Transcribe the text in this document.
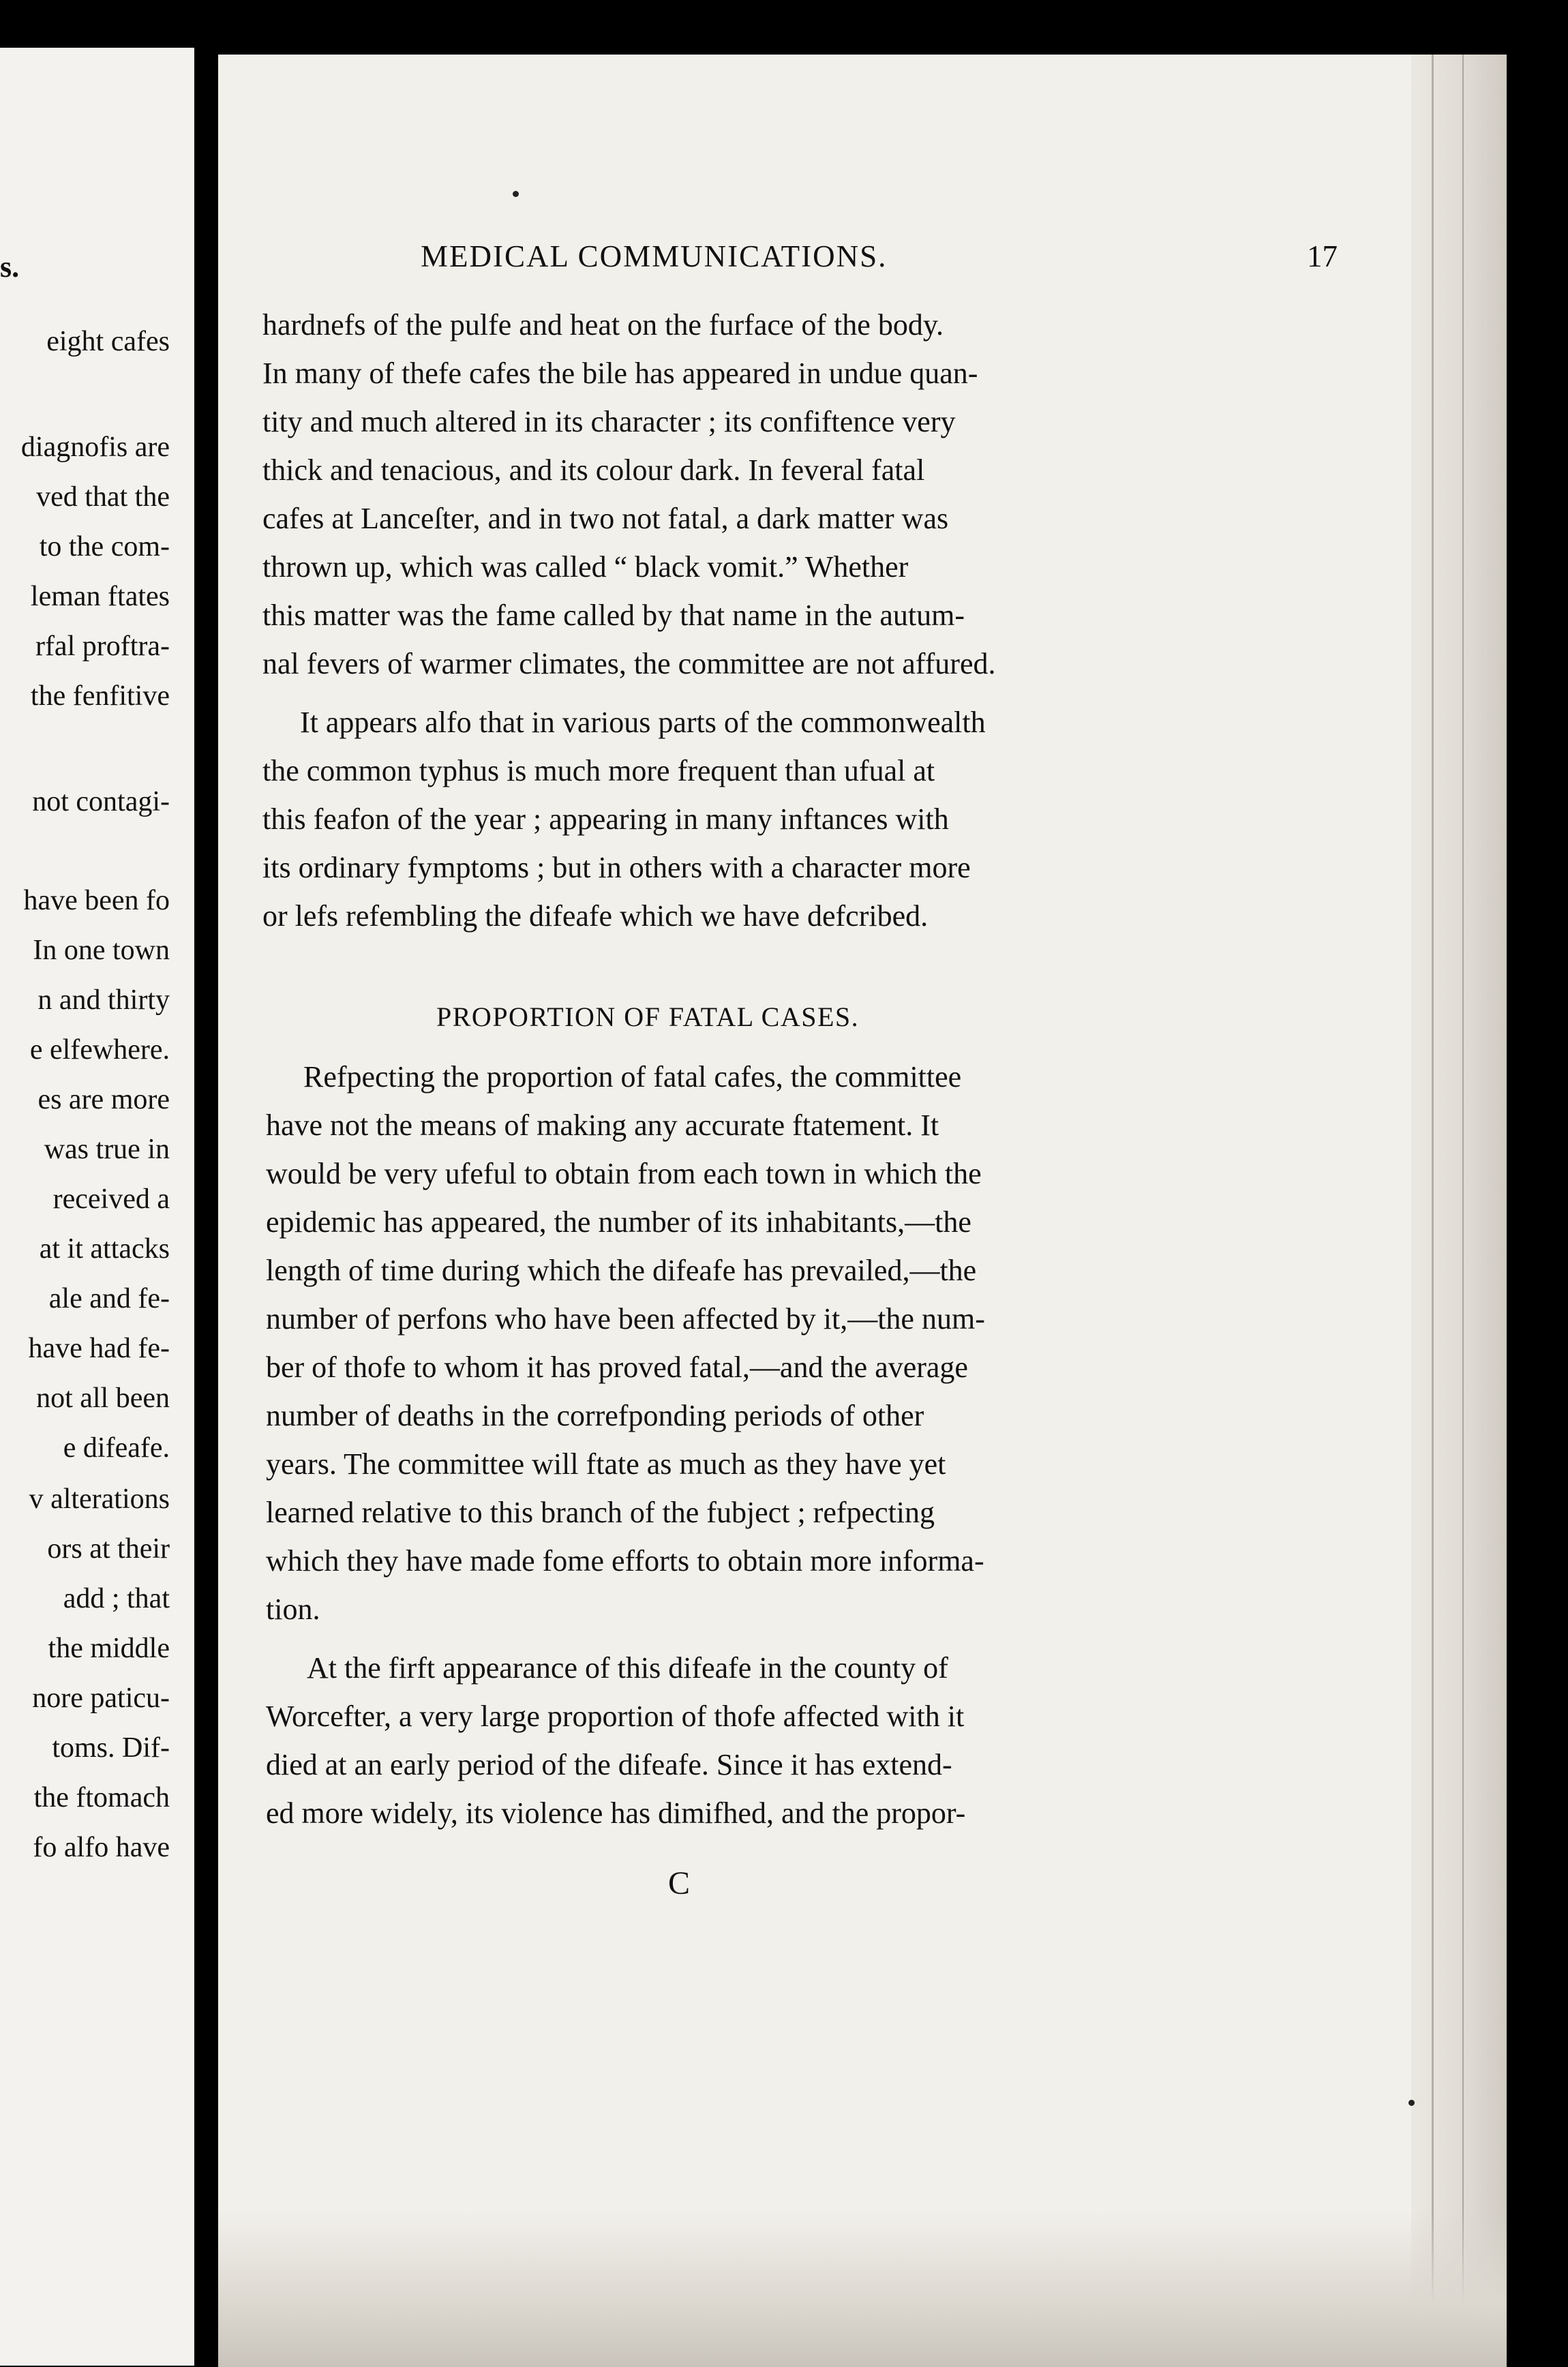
s.
eight cafes
diagnofis are
ved that the
to the com-
leman ftates
rfal proftra-
the fenfitive
not contagi-
have been fo
In one town
n and thirty
e elfewhere.
es are more
was true in
received a
at it attacks
ale and fe-
have had fe-
not all been
e difeafe.
v alterations
ors at their
add ; that
the middle
nore paticu-
toms. Dif-
the ftomach
fo alfo have
MEDICAL COMMUNICATIONS.	17
hardnefs of the pulfe and heat on the furface of the body.
In many of thefe cafes the bile has appeared in undue quan-
tity and much altered in its character ; its confiftence very
thick and tenacious, and its colour dark. In feveral fatal
cafes at Lanceſter, and in two not fatal, a dark matter was
thrown up, which was called “ black vomit.” Whether
this matter was the fame called by that name in the autum-
nal fevers of warmer climates, the committee are not affured.
It appears alfo that in various parts of the commonwealth
the common typhus is much more frequent than ufual at
this feafon of the year ; appearing in many inftances with
its ordinary fymptoms ; but in others with a character more
or lefs refembling the difeafe which we have defcribed.
PROPORTION OF FATAL CASES.
Refpecting the proportion of fatal cafes, the committee
have not the means of making any accurate ftatement. It
would be very ufeful to obtain from each town in which the
epidemic has appeared, the number of its inhabitants,—the
length of time during which the difeafe has prevailed,—the
number of perfons who have been affected by it,—the num-
ber of thofe to whom it has proved fatal,—and the average
number of deaths in the correfponding periods of other
years. The committee will ftate as much as they have yet
learned relative to this branch of the fubject ; refpecting
which they have made fome efforts to obtain more informa-
tion.
At the firft appearance of this difeafe in the county of
Worcefter, a very large proportion of thofe affected with it
died at an early period of the difeafe. Since it has extend-
ed more widely, its violence has dimifhed, and the propor-
C
